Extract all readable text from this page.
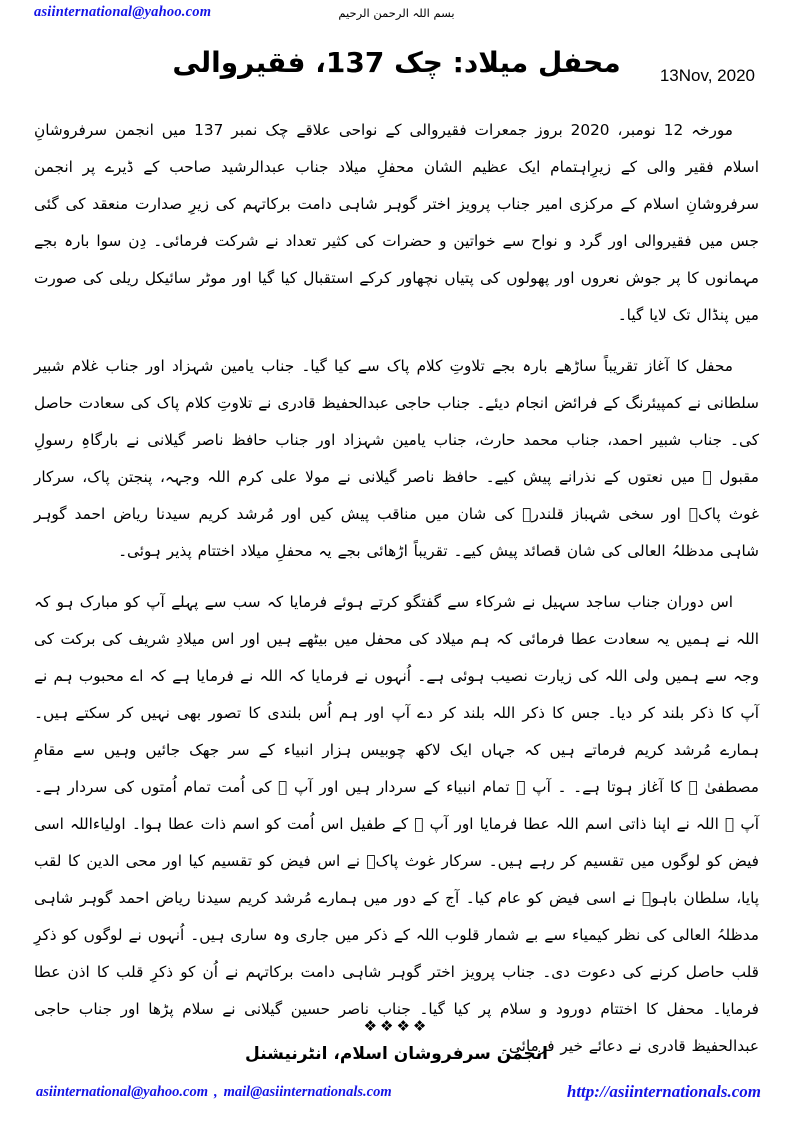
asiinternational@yahoo.com	بسم اللہ الرحمن الرحیم
محفل میلاد: چک 137، فقیروالی	13Nov, 2020

مورخہ 12 نومبر، 2020 بروز جمعرات فقیروالی کے نواحی علاقے چک نمبر 137 میں انجمن سرفروشانِ اسلام فقیر والی کے زیرِاہتمام ایک عظیم الشان محفلِ میلاد جناب عبدالرشید صاحب کے ڈیرے پر انجمن سرفروشانِ اسلام کے مرکزی امیر جناب پرویز اختر گوہر شاہی دامت برکاتہم کی زیرِ صدارت منعقد کی گئی جس میں فقیروالی اور گرد و نواح سے خواتین و حضرات کی کثیر تعداد نے شرکت فرمائی۔ دِن سوا بارہ بجے مہمانوں کا پر جوش نعروں اور پھولوں کی پتیاں نچھاور کرکے استقبال کیا گیا اور موٹر سائیکل ریلی کی صورت میں پنڈال تک لایا گیا۔

محفل کا آغاز تقریباً ساڑھے بارہ بجے تلاوتِ کلام پاک سے کیا گیا۔ جناب یامین شہزاد اور جناب غلام شبیر سلطانی نے کمپیئرنگ کے فرائض انجام دیئے۔ جناب حاجی عبدالحفیظ قادری نے تلاوتِ کلام پاک کی سعادت حاصل کی۔ جناب شبیر احمد، جناب محمد حارث، جناب یامین شہزاد اور جناب حافظ ناصر گیلانی نے بارگاہِ رسولِ مقبول ﷺ میں نعتوں کے نذرانے پیش کیے۔ حافظ ناصر گیلانی نے مولا علی کرم اللہ وجہہ، پنجتن پاک، سرکار غوث پاکؒ اور سخی شہباز قلندرؒ کی شان میں مناقب پیش کیں اور مُرشد کریم سیدنا ریاض احمد گوہر شاہی مدظلہُ العالی کی شان قصائد پیش کیے۔ تقریباً اڑھائی بجے یہ محفلِ میلاد اختتام پذیر ہوئی۔

اس دوران جناب ساجد سہیل نے شرکاء سے گفتگو کرتے ہوئے فرمایا کہ سب سے پہلے آپ کو مبارک ہو کہ اللہ نے ہمیں یہ سعادت عطا فرمائی کہ ہم میلاد کی محفل میں بیٹھے ہیں اور اس میلادِ شریف کی برکت کی وجہ سے ہمیں ولی اللہ کی زیارت نصیب ہوئی ہے۔ اُنہوں نے فرمایا کہ اللہ نے فرمایا ہے کہ اے محبوب ہم نے آپ کا ذکر بلند کر دیا۔ جس کا ذکر اللہ بلند کر دے آپ اور ہم اُس بلندی کا تصور بھی نہیں کر سکتے ہیں۔ ہمارے مُرشد کریم فرماتے ہیں کہ جہاں ایک لاکھ چوبیس ہزار انبیاء کے سر جھک جائیں وہیں سے مقامِ مصطفیٰ ﷺ کا آغاز ہوتا ہے۔ ۔ آپ ﷺ تمام انبیاء کے سردار ہیں اور آپ ﷺ کی اُمت تمام اُمتوں کی سردار ہے۔ آپ ﷺ اللہ نے اپنا ذاتی اسم اللہ عطا فرمایا اور آپ ﷺ کے طفیل اس اُمت کو اسم ذات عطا ہوا۔ اولیاءاللہ اسی فیض کو لوگوں میں تقسیم کر رہے ہیں۔ سرکار غوث پاکؒ نے اس فیض کو تقسیم کیا اور محی الدین کا لقب پایا، سلطان باہوؒ نے اسی فیض کو عام کیا۔ آج کے دور میں ہمارے مُرشد کریم سیدنا ریاض احمد گوہر شاہی مدظلہُ العالی کی نظر کیمیاء سے بے شمار قلوب اللہ کے ذکر میں جاری وہ ساری ہیں۔ اُنہوں نے لوگوں کو ذکرِ قلب حاصل کرنے کی دعوت دی۔ جناب پرویز اختر گوہر شاہی دامت برکاتہم نے اُن کو ذکرِ قلب کا اذن عطا فرمایا۔ محفل کا اختتام دورود و سلام پر کیا گیا۔ جناب ناصر حسین گیلانی نے سلام پڑھا اور جناب حاجی عبدالحفیظ قادری نے دعائے خیر فرمائی۔

❖❖❖❖
انجمن سرفروشان اسلام، انٹرنیشنل
asiinternational@yahoo.com , mail@asiinternationals.com	http://asiinternationals.com
